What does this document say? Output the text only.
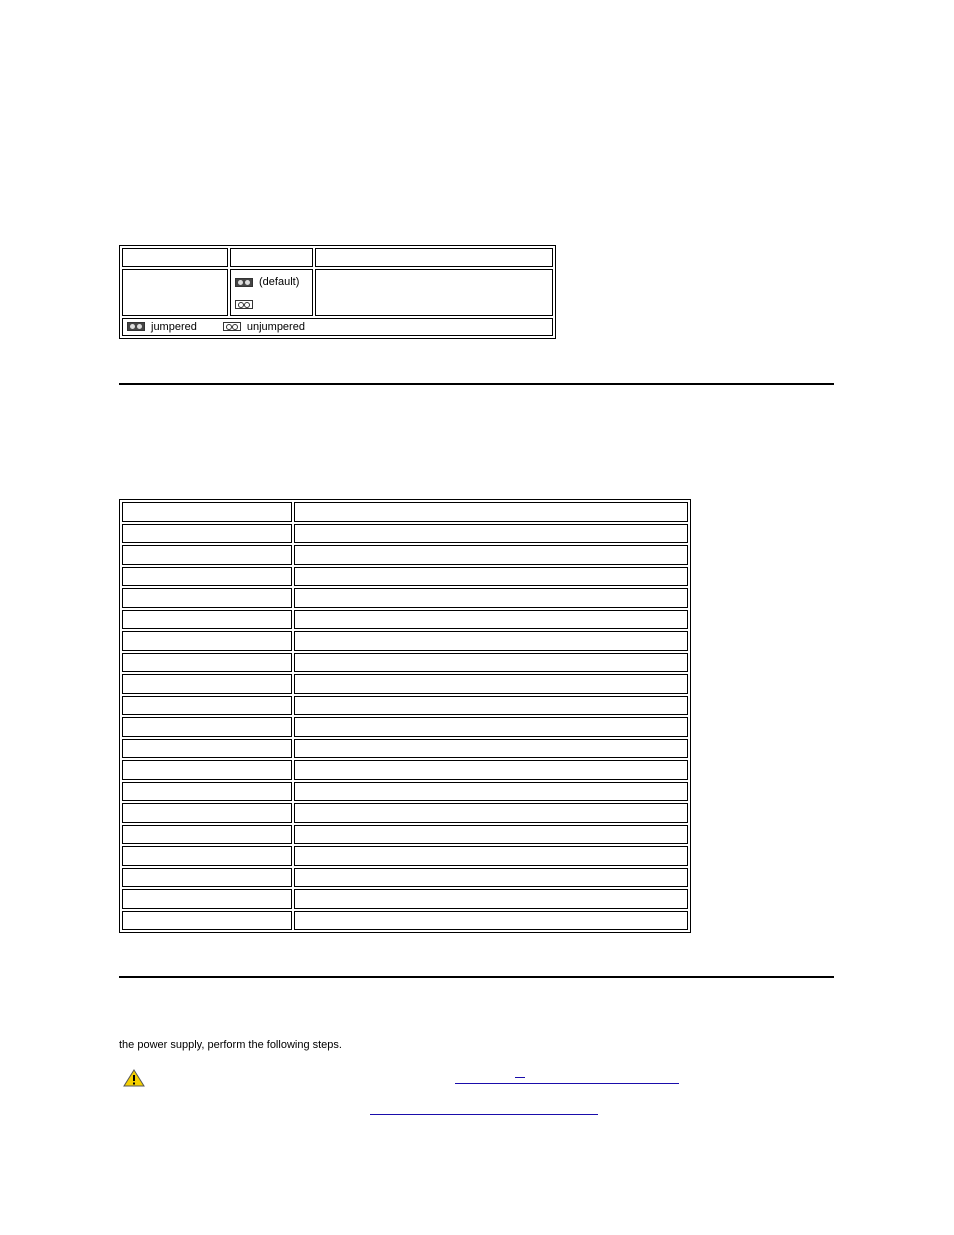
	(default)	

jumpered unjumpered		

the power supply, perform the following steps.
